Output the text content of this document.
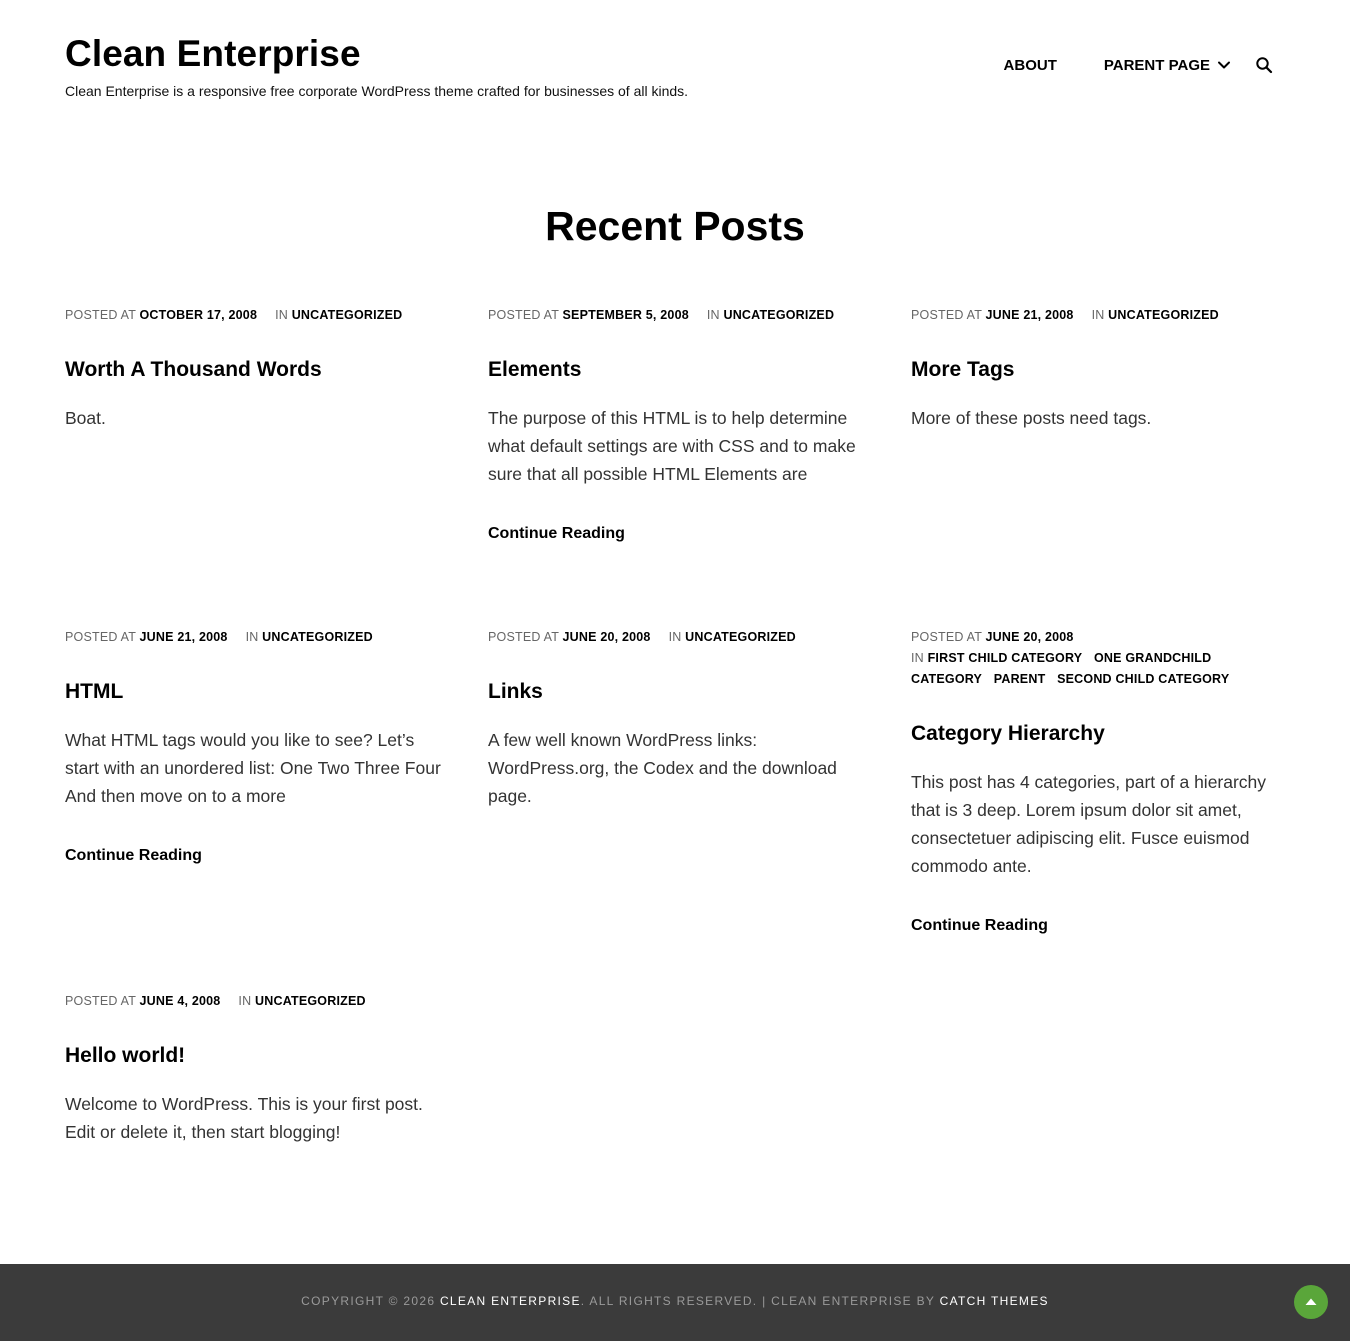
Clean Enterprise

Clean Enterprise is a responsive free corporate WordPress theme crafted for businesses of all kinds.

ABOUT	PARENT PAGE
Recent Posts
POSTED AT OCTOBER 17, 2008 IN UNCATEGORIZED
Worth A Thousand Words

Boat.

POSTED AT SEPTEMBER 5, 2008 IN UNCATEGORIZED
Elements

The purpose of this HTML is to help determine what default settings are with CSS and to make sure that all possible HTML Elements are

Continue Reading
POSTED AT JUNE 21, 2008 IN UNCATEGORIZED
More Tags

More of these posts need tags.

POSTED AT JUNE 21, 2008 IN UNCATEGORIZED
HTML

What HTML tags would you like to see? Let’s start with an unordered list: One Two Three Four And then move on to a more

Continue Reading
POSTED AT JUNE 20, 2008 IN UNCATEGORIZED
Links

A few well known WordPress links: WordPress.org, the Codex and the download page.

POSTED AT JUNE 20, 2008
IN FIRST CHILD CATEGORY ONE GRANDCHILD CATEGORY PARENT SECOND CHILD CATEGORY
Category Hierarchy

This post has 4 categories, part of a hierarchy that is 3 deep. Lorem ipsum dolor sit amet, consectetuer adipiscing elit. Fusce euismod commodo ante.

Continue Reading
POSTED AT JUNE 4, 2008 IN UNCATEGORIZED
Hello world!

Welcome to WordPress. This is your first post. Edit or delete it, then start blogging!

COPYRIGHT © 2026 CLEAN ENTERPRISE. ALL RIGHTS RESERVED. | CLEAN ENTERPRISE BY CATCH THEMES
